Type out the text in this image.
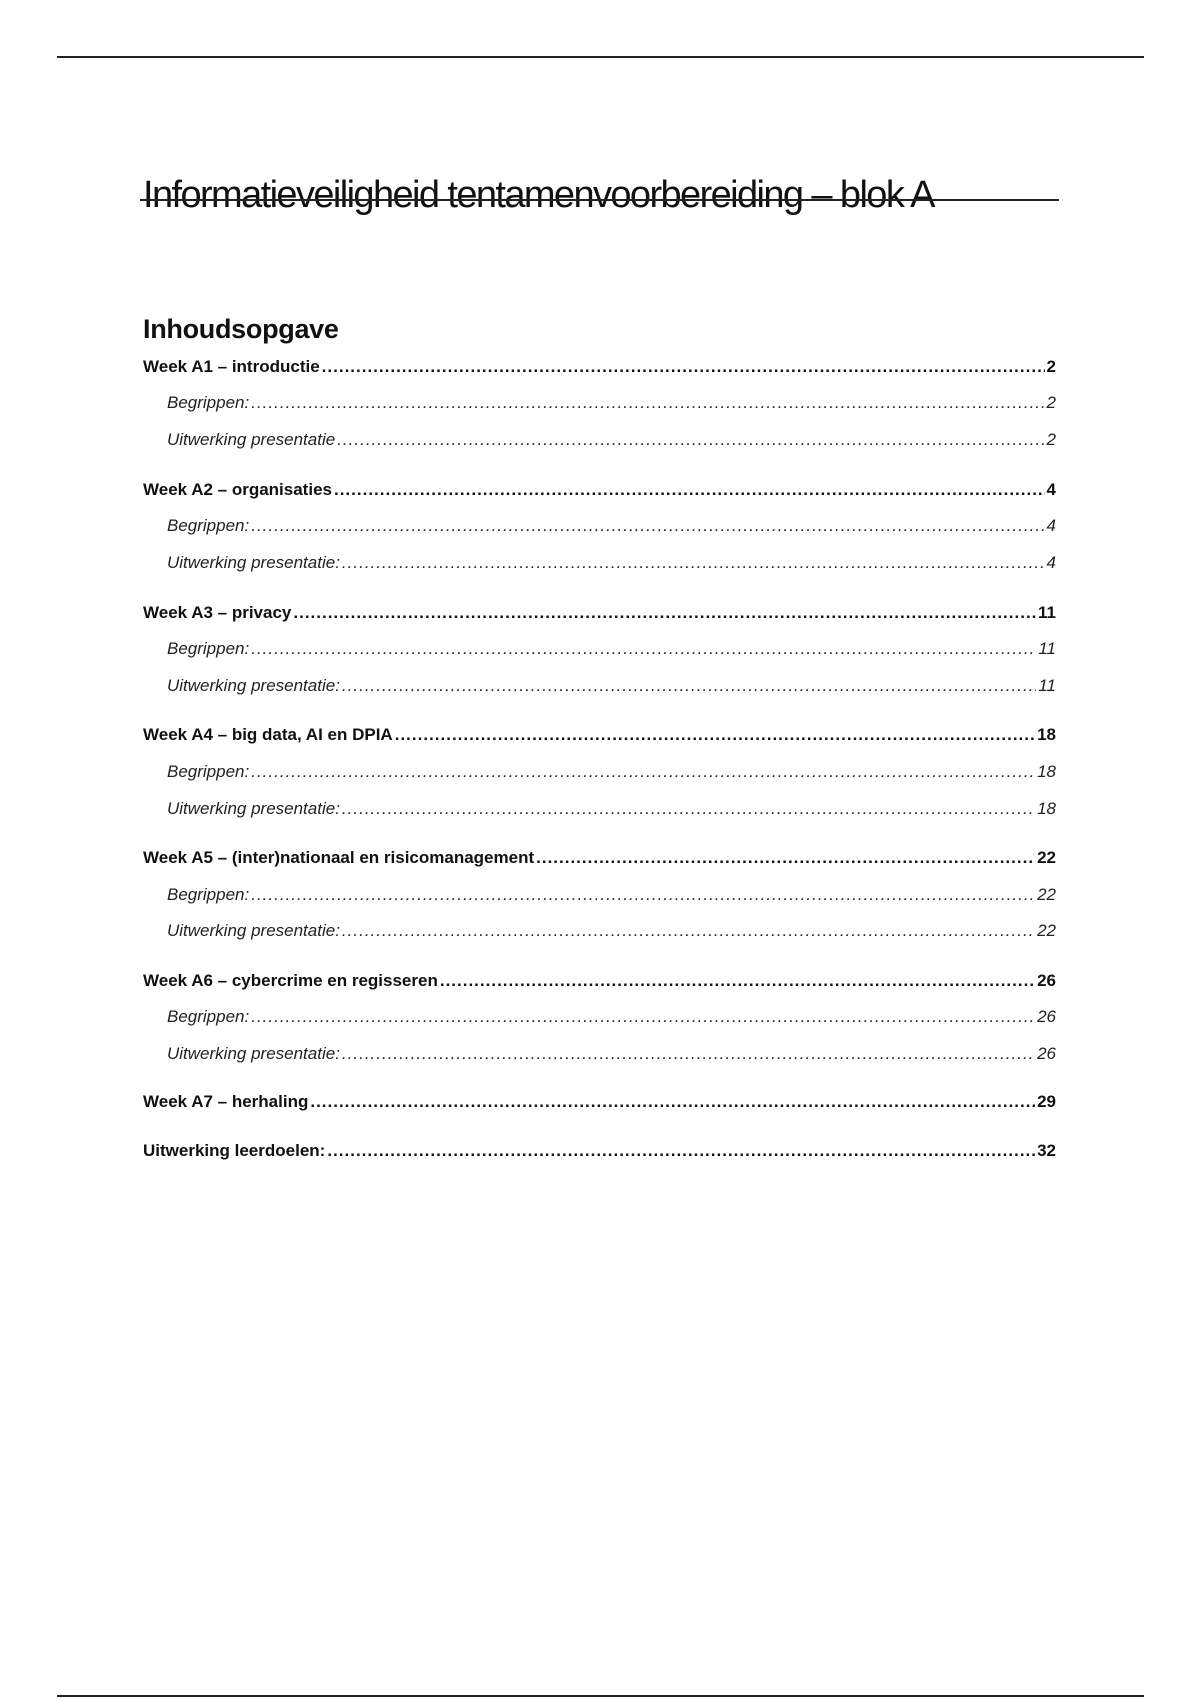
Informatieveiligheid tentamenvoorbereiding – blok A
Inhoudsopgave
Week A1 – introductie .....	2
Begrippen: .....	2
Uitwerking presentatie .....	2
Week A2 – organisaties .....	4
Begrippen: .....	4
Uitwerking presentatie: .....	4
Week A3 – privacy .....	11
Begrippen: .....	11
Uitwerking presentatie: .....	11
Week A4 – big data, AI en DPIA .....	18
Begrippen: .....	18
Uitwerking presentatie: .....	18
Week A5 – (inter)nationaal en risicomanagement .....	22
Begrippen: .....	22
Uitwerking presentatie: .....	22
Week A6 – cybercrime en regisseren .....	26
Begrippen: .....	26
Uitwerking presentatie: .....	26
Week A7 – herhaling .....	29
Uitwerking leerdoelen: .....	32
